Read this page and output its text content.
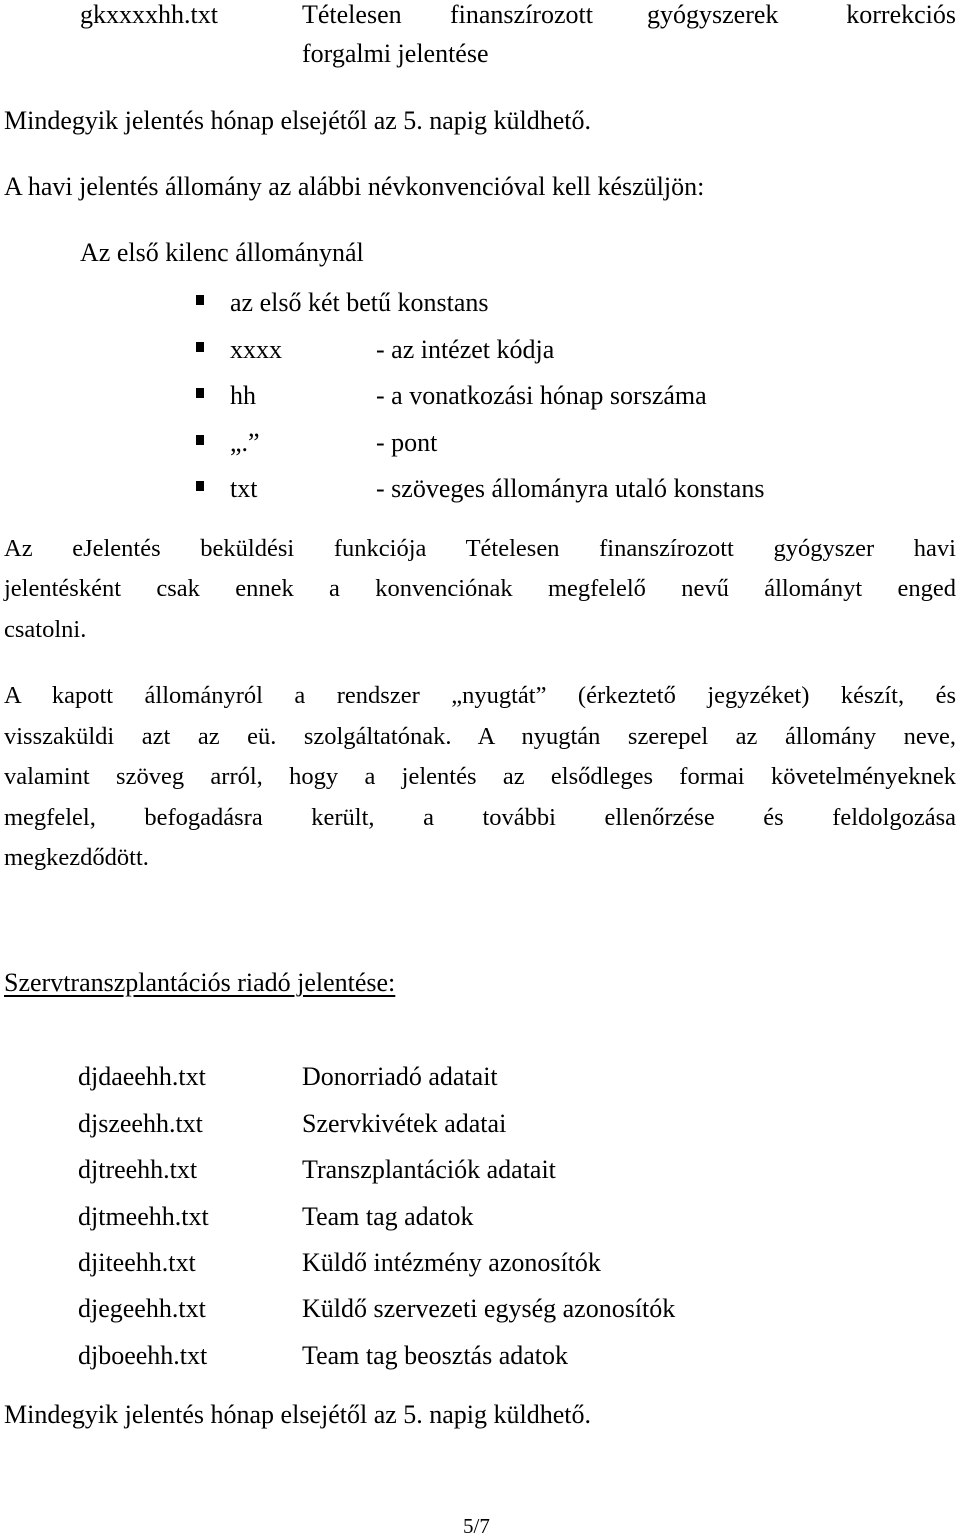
gkxxxxhh.txt	Tételesen finanszírozott gyógyszerek	korrekciós
forgalmi jelentése
Mindegyik jelentés hónap elsejétől az 5. napig küldhető.
A havi jelentés állomány az alábbi névkonvencióval kell készüljön:
Az első kilenc állománynál
az első két betű konstans
xxxx	- az intézet kódja
hh	- a vonatkozási hónap sorszáma
„.”	- pont
txt	- szöveges állományra utaló konstans
Az eJelentés beküldési funkciója Tételesen finanszírozott gyógyszer havi
jelentésként csak ennek a konvenciónak megfelelő nevű állományt enged
csatolni.
A kapott állományról a rendszer „nyugtát” (érkeztető jegyzéket) készít, és
visszaküldi azt az eü. szolgáltatónak. A nyugtán szerepel az állomány neve,
valamint szöveg arról, hogy a jelentés az elsődleges formai követelményeknek
megfelel, befogadásra került, a további ellenőrzése és feldolgozása
megkezdődött.
Szervtranszplantációs riadó jelentése:
djdaeehh.txt	Donorriadó adatait
djszeehh.txt	Szervkivétek adatai
djtreehh.txt	Transzplantációk adatait
djtmeehh.txt	Team tag adatok
djiteehh.txt	Küldő intézmény azonosítók
djegeehh.txt	Küldő szervezeti egység azonosítók
djboeehh.txt	Team tag beosztás adatok
Mindegyik jelentés hónap elsejétől az 5. napig küldhető.
5/7
